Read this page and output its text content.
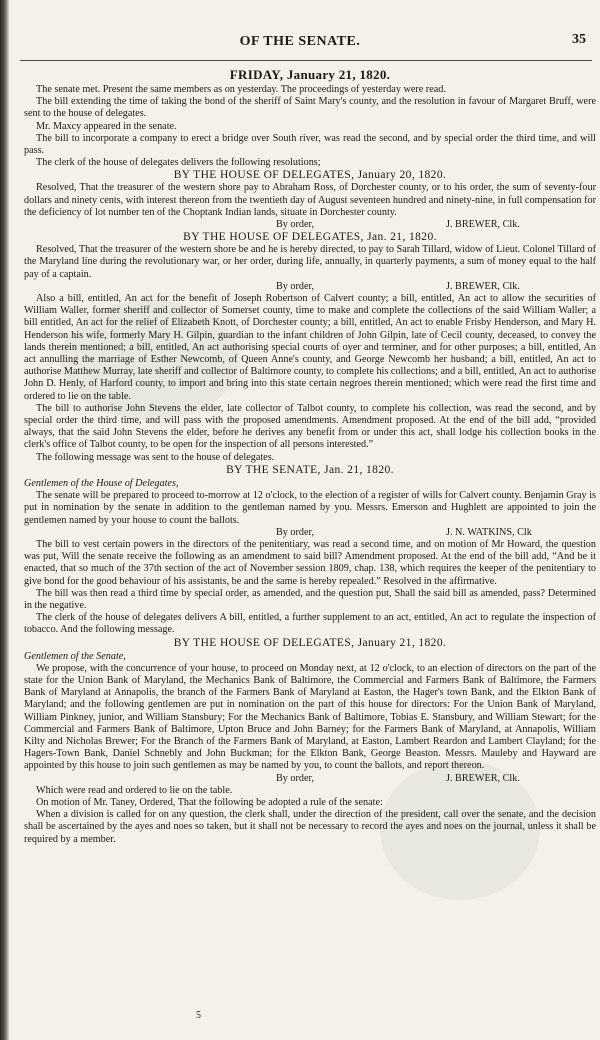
OF THE SENATE.	35
FRIDAY, January 21, 1820.

The senate met. Present the same members as on yesterday. The proceedings of yesterday were read.

The bill extending the time of taking the bond of the sheriff of Saint Mary's county, and the resolution in favour of Margaret Bruff, were sent to the house of delegates.

Mr. Maxcy appeared in the senate.

The bill to incorporate a company to erect a bridge over South river, was read the second, and by special order the third time, and will pass.

The clerk of the house of delegates delivers the following resolutions;

BY THE HOUSE OF DELEGATES, January 20, 1820.

Resolved, That the treasurer of the western shore pay to Abraham Ross, of Dorchester county, or to his order, the sum of seventy-four dollars and ninety cents, with interest thereon from the twentieth day of August seventeen hundred and ninety-nine, in full compensation for the deficiency of lot number ten of the Choptank Indian lands, situate in Dorchester county.

By order,	J. BREWER, Clk.
BY THE HOUSE OF DELEGATES, Jan. 21, 1820.

Resolved, That the treasurer of the western shore be and he is hereby directed, to pay to Sarah Tillard, widow of Lieut. Colonel Tillard of the Maryland line during the revolutionary war, or her order, during life, annually, in quarterly payments, a sum of money equal to the half pay of a captain.

By order,	J. BREWER, Clk.

Also a bill, entitled, An act for the benefit of Joseph Robertson of Calvert county; a bill, entitled, An act to allow the securities of William Waller, former sheriff and collector of Somerset county, time to make and complete the collections of the said William Waller; a bill entitled, An act for the relief of Elizabeth Knott, of Dorchester county; a bill, entitled, An act to enable Frisby Henderson, and Mary H. Henderson his wife, formerly Mary H. Gilpin, guardian to the infant children of John Gilpin, late of Cecil county, deceased, to convey the lands therein mentioned; a bill, entitled, An act authorising special courts of oyer and terminer, and for other purposes; a bill, entitled, An act annulling the marriage of Esther Newcomb, of Queen Anne's county, and George Newcomb her husband; a bill, entitled, An act to authorise Matthew Murray, late sheriff and collector of Baltimore county, to complete his collections; and a bill, entitled, An act to authorise John D. Henly, of Harford county, to import and bring into this state certain negroes therein mentioned; which were read the first time and ordered to lie on the table.

The bill to authorise John Stevens the elder, late collector of Talbot county, to complete his collection, was read the second, and by special order the third time, and will pass with the proposed amendments. Amendment proposed. At the end of the bill add, “provided always, that the said John Stevens the elder, before he derives any benefit from or under this act, shall lodge his collection books in the clerk's office of Talbot county, to be open for the inspection of all persons interested.”

The following message was sent to the house of delegates.

BY THE SENATE, Jan. 21, 1820.
Gentlemen of the House of Delegates,

The senate will be prepared to proceed to-morrow at 12 o'clock, to the election of a register of wills for Calvert county. Benjamin Gray is put in nomination by the senate in addition to the gentleman named by you. Messrs. Emerson and Hughlett are appointed to join the gentlemen named by your house to count the ballots.

By order,	J. N. WATKINS, Clk

The bill to vest certain powers in the directors of the penitentiary, was read a second time, and on motion of Mr Howard, the question was put, Will the senate receive the following as an amendment to said bill? Amendment proposed. At the end of the bill add, “And be it enacted, that so much of the 37th section of the act of November session 1809, chap. 138, which requires the keeper of the penitentiary to give bond for the good behaviour of his assistants, be and the same is hereby repealed.” Resolved in the affirmative.

The bill was then read a third time by special order, as amended, and the question put, Shall the said bill as amended, pass? Determined in the negative.

The clerk of the house of delegates delivers A bill, entitled, a further supplement to an act, entitled, An act to regulate the inspection of tobacco. And the following message.

BY THE HOUSE OF DELEGATES, January 21, 1820.
Gentlemen of the Senate,

We propose, with the concurrence of your house, to proceed on Monday next, at 12 o'clock, to an election of directors on the part of the state for the Union Bank of Maryland, the Mechanics Bank of Baltimore, the Commercial and Farmers Bank of Baltimore, the Farmers Bank of Maryland at Annapolis, the branch of the Farmers Bank of Maryland at Easton, the Hager's town Bank, and the Elkton Bank of Maryland; and the following gentlemen are put in nomination on the part of this house for directors: For the Union Bank of Maryland, William Pinkney, junior, and William Stansbury; For the Mechanics Bank of Baltimore, Tobias E. Stansbury, and William Stewart; for the Commercial and Farmers Bank of Baltimore, Upton Bruce and John Barney; for the Farmers Bank of Maryland, at Annapolis, William Kilty and Nicholas Brewer; For the Branch of the Farmers Bank of Maryland, at Easton, Lambert Reardon and Lambert Clayland; for the Hagers-Town Bank, Daniel Schnebly and John Buckman; for the Elkton Bank, George Beaston. Messrs. Mauleby and Hayward are appointed by this house to join such gentlemen as may be named by you, to count the ballots, and report thereon.

By order,	J. BREWER, Clk.

Which were read and ordered to lie on the table.

On motion of Mr. Taney, Ordered, That the following be adopted a rule of the senate:

When a division is called for on any question, the clerk shall, under the direction of the president, call over the senate, and the decision shall be ascertained by the ayes and noes so taken, but it shall not be necessary to record the ayes and noes on the journal, unless it shall be required by a member.

5
